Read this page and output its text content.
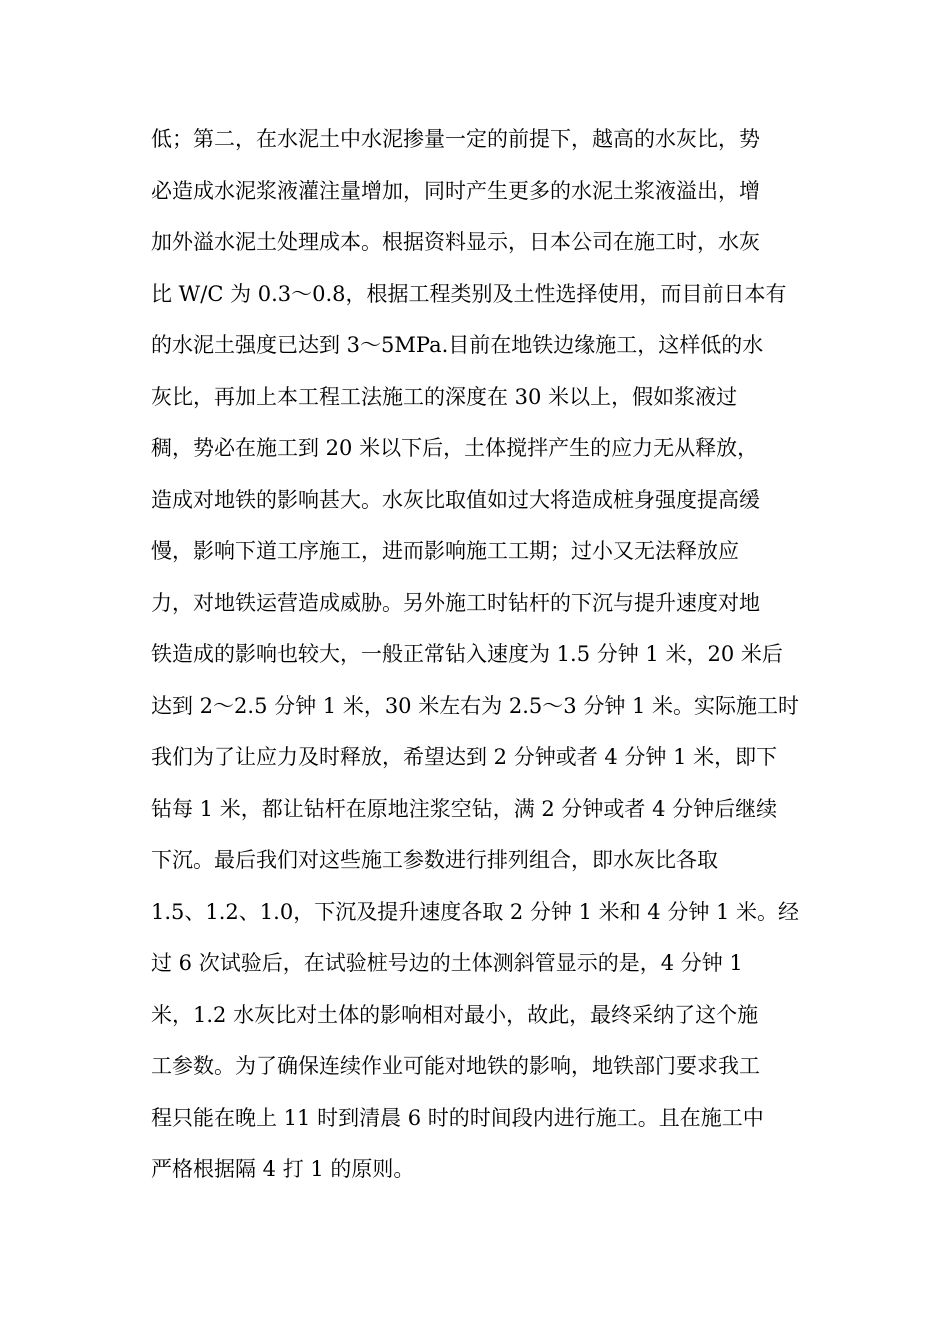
低；第二，在水泥土中水泥掺量一定的前提下，越高的水灰比，势
必造成水泥浆液灌注量增加，同时产生更多的水泥土浆液溢出，增
加外溢水泥土处理成本。根据资料显示，日本公司在施工时，水灰
比 W/C 为 0.3～0.8，根据工程类别及土性选择使用，而目前日本有
的水泥土强度已达到 3～5MPa.目前在地铁边缘施工，这样低的水
灰比，再加上本工程工法施工的深度在 30 米以上，假如浆液过
稠，势必在施工到 20 米以下后，土体搅拌产生的应力无从释放，
造成对地铁的影响甚大。水灰比取值如过大将造成桩身强度提高缓
慢，影响下道工序施工，进而影响施工工期；过小又无法释放应
力，对地铁运营造成威胁。另外施工时钻杆的下沉与提升速度对地
铁造成的影响也较大，一般正常钻入速度为 1.5 分钟 1 米，20 米后
达到 2～2.5 分钟 1 米，30 米左右为 2.5～3 分钟 1 米。实际施工时
我们为了让应力及时释放，希望达到 2 分钟或者 4 分钟 1 米，即下
钻每 1 米，都让钻杆在原地注浆空钻，满 2 分钟或者 4 分钟后继续
下沉。最后我们对这些施工参数进行排列组合，即水灰比各取
1.5、1.2、1.0，下沉及提升速度各取 2 分钟 1 米和 4 分钟 1 米。经
过 6 次试验后，在试验桩号边的土体测斜管显示的是，4 分钟 1
米，1.2 水灰比对土体的影响相对最小，故此，最终采纳了这个施
工参数。为了确保连续作业可能对地铁的影响，地铁部门要求我工
程只能在晚上 11 时到清晨 6 时的时间段内进行施工。且在施工中
严格根据隔 4 打 1 的原则。
